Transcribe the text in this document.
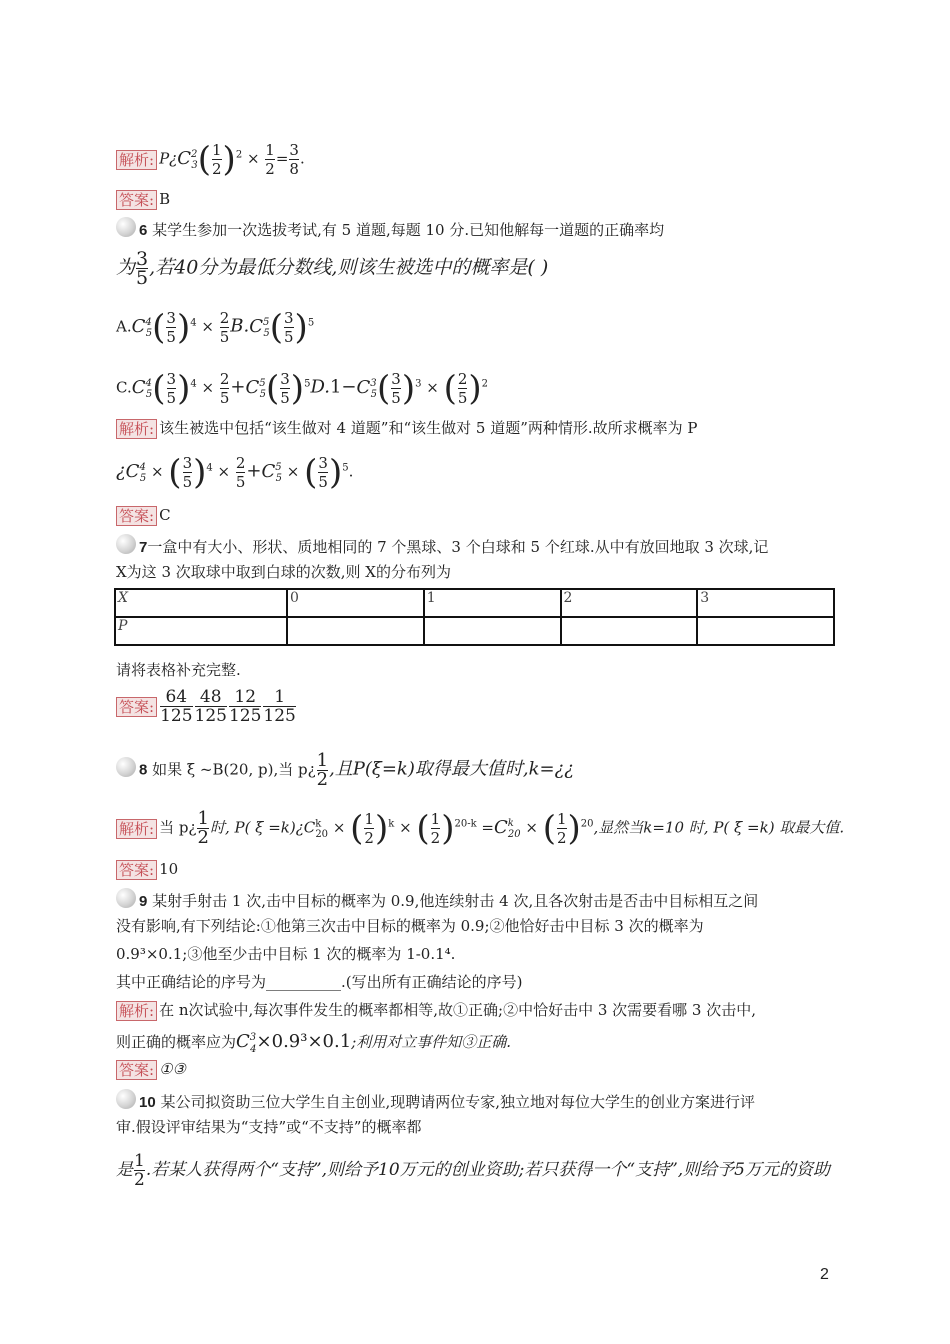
解析: $P¿C^2_3( \frac{1}{2} )^2 \times \frac{1}{2} = \frac{3}{8}$ .
答案: B
6 某学生参加一次选拔考试,有 5 道题,每题 10 分.已知他解每一道题的正确率均
为 $\frac{3}{5}$ ,若40分为最低分数线,则该生被选中的概率是( )
$A.C^4_5( \frac{3}{5} )^4 \times \frac{2}{5} B.C^5_5( \frac{3}{5} )^5$
$C.C^4_5( \frac{3}{5} )^4 \times \frac{2}{5} +C^5_5( \frac{3}{5} )^5D.1-C^3_5( \frac{3}{5} )^3$ × ( $\frac{2}{5} )^2$
解析: 该生被选中包括“该生做对 4 道题”和“该生做对 5 道题”两种情形.故所求概率为 P
¿$C^4_5$ × ( $\frac{3}{5} )^4 \times \frac{2}{5} +C^5_5$ × ( $\frac{3}{5} )^5$.
答案: C
7一盒中有大小、形状、质地相同的 7 个黑球、3 个白球和 5 个红球.从中有放回地取 3 次球,记
X为这 3 次取球中取到白球的次数,则 X的分布列为
X	0	1	2	3
P				
请将表格补充完整.
答案: $\frac{64}{125} \frac{48}{125} \frac{12}{125} \frac{1}{125}$
8 如果 ξ ~B(20, p),当 p¿ $\frac{1}{2}$ ,且P(ξ=k)取得最大值时,k=¿¿
解析: 当 p¿ $\frac{1}{2}$ 时, P( $\xi =k)¿C^k_{20}$ × ( $\frac{1}{2} )^k$ × ( $\frac{1}{2} )^{20-k} =C^k_{20}$ × ( $\frac{1}{2} )^{20}$,显然当k=10 时, P( ξ =k) 取最大值.
答案: 10
9 某射手射击 1 次,击中目标的概率为 0.9,他连续射击 4 次,且各次射击是否击中目标相互之间
没有影响,有下列结论:①他第三次击中目标的概率为 0.9;②他恰好击中目标 3 次的概率为
0.9³×0.1;③他至少击中目标 1 次的概率为 1-0.1⁴.
其中正确结论的序号为__________.(写出所有正确结论的序号)
解析: 在 n次试验中,每次事件发生的概率都相等,故①正确;②中恰好击中 3 次需要看哪 3 次击中,
则正确的概率应为$C^3_4\times 0.9^3\times 0.1$;利用对立事件知③正确.
答案: ①③
10 某公司拟资助三位大学生自主创业,现聘请两位专家,独立地对每位大学生的创业方案进行评
审.假设评审结果为“支持”或“不支持”的概率都
是 $\frac{1}{2}$ .若某人获得两个“支持”,则给予10万元的创业资助;若只获得一个“支持”,则给予5万元的资助
2
